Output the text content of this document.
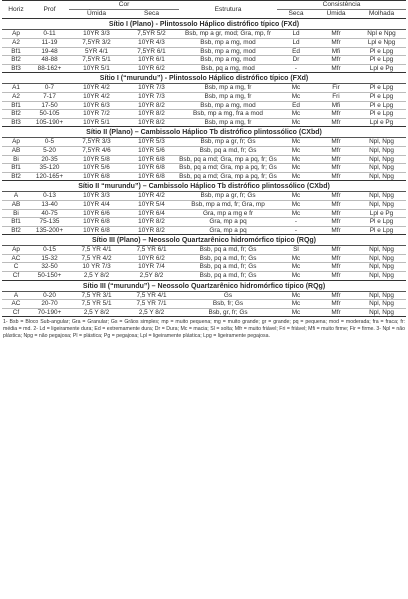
Horiz	Prof	Cor		Estrutura	Consistência		
		Úmida	Seca		Seca	Úmida	Molhada
Sítio I (Plano) - Plintossolo Háplico distrófico típico (FXd)							
Ap	0-11	10YR 3/3	7,5YR 5/2	Bsb, mp a gr, mod; Gra, mp, fr	Ld	Mfr	Npl e Npg
A2	11-19	7,5YR 3/2	10YR 4/3	Bsb, mp a mg, mod	Ld	Mfr	Lpl e Npg
Bf1	19-48	5YR 4/1	7,5YR 6/1	Bsb, mp a mg, mod	Ed	Mfi	Pl e Lpg
Bf2	48-88	7,5YR 5/1	10YR 6/1	Bsb, mp a mg, mod	Dr	Mfr	Pl e Lpg
Bf3	88-162+	10YR 5/1	10YR 6/2	Bsb, pq a mg, mod	-	Mfr	Lpl e Pg
Sítio I (“murundu”) - Plintossolo Háplico distrófico típico (FXd)							
A1	0-7	10YR 4/2	10YR 7/3	Bsb, mp a mg, fr	Mc	Fir	Pl e Lpg
A2	7-17	10YR 4/2	10YR 7/3	Bsb, mp a mg, fr	Mc	Fri	Pl e Lpg
Bf1	17-50	10YR 6/3	10YR 8/2	Bsb, mp a mg, mod	Ed	Mfi	Pl e Lpg
Bf2	50-105	10YR 7/2	10YR 8/2	Bsb, mp a mg, fra a mod	Mc	Mfr	Pl e Lpg
Bf3	105-190+	10YR 5/1	10YR 8/2	Bsb, mp a mg, fr	Mc	Mfr	Lpl e Pg
Sítio II (Plano) – Cambissolo Háplico Tb distrófico plintossólico (CXbd)							
Ap	0-5	7,5YR 3/3	10YR 5/3	Bsb, mp a gr, fr; Gs	Mc	Mfr	Npl, Npg
AB	5-20	7,5YR 4/6	10YR 5/6	Bsb, pq a md, fr; Gs	Mc	Mfr	Npl, Npg
Bi	20-35	10YR 5/8	10YR 6/8	Bsb, pq a md; Gra, mp a pq, fr; Gs	Mc	Mfr	Npl, Npg
Bf1	35-120	10YR 5/6	10YR 6/8	Bsb, pq a md; Gra, mp a pq, fr; Gs	Mc	Mfr	Npl, Npg
Bf2	120-165+	10YR 6/8	10YR 6/8	Bsb, pq a md; Gra, mp a pq, fr; Gs	Mc	Mfr	Npl, Npg
Sítio II “murundu”) – Cambissolo Háplico Tb distrófico plintossólico (CXbd)							
A	0-13	10YR 3/3	10YR 4/2	Bsb, mp a gr, fr; Gs	Mc	Mfr	Npl, Npg
AB	13-40	10YR 4/4	10YR 5/4	Bsb, mp a md, fr; Gra, mp	Mc	Mfr	Npl, Npg
Bi	40-75	10YR 6/6	10YR 6/4	Gra, mp a mg e fr	Mc	Mfr	Lpl e Pg
Bf1	75-135	10YR 6/8	10YR 8/2	Gra, mp a pq	-	Mfr	Pl e Lpg
Bf2	135-200+	10YR 6/8	10YR 8/2	Gra, mp a pq	-	Mfr	Pl e Lpg
Sítio III (Plano) – Neossolo Quartzarênico hidromórfico típico (RQg)							
Ap	0-15	7,5 YR 4/1	7,5 YR 6/1	Bsb, pq a md, fr; Gs	Sl	Mfr	Npl, Npg
AC	15-32	7,5 YR 4/2	10YR 6/2	Bsb, pq a md, fr; Gs	Mc	Mfr	Npl, Npg
C	32-50	10 YR 7/3	10YR 7/4	Bsb, pq a md, fr; Gs	Mc	Mfr	Npl, Npg
Cf	50-150+	2,5 Y 8/2	2,5Y 8/2	Bsb, pq a md, fr; Gs	Mc	Mfr	Npl, Npg
Sítio III (“murundu”) – Neossolo Quartzarênico hidromórfico típico (RQg)							
A	0-20	7,5 YR 3/1	7,5 YR 4/1	Gs	Mc	Mfr	Npl, Npg
AC	20-70	7,5 YR 5/1	7,5 YR 7/1	Bsb, fr; Gs	Mc	Mfr	Npl, Npg
Cf	70-190+	2,5 Y 8/2	2,5 Y 8/2	Bsb, gr, fr; Gs	Mc	Mfr	Npl, Npg
1- Bsb = Bloco Sub-angular; Gra = Granular; Gs = Grãos simples; mp = muito pequena; mg = muito grande; gr = grande; pq = pequena; mod = moderada; fra = fraca; fr: média = md. 2- Ld = ligeiramente dura; Ed = extremamente dura; Dr = Dura; Mc = macia; Sl = solta; Mfr = muito friável; Fri = friável; Mfi = muito firme; Fir = firme. 3- Npl = não plástica; Npg = não pegajosa; Pl = plástica; Pg = pegajosa; Lpl = ligeiramente plástica; Lpg = ligeiramente pegajosa.
